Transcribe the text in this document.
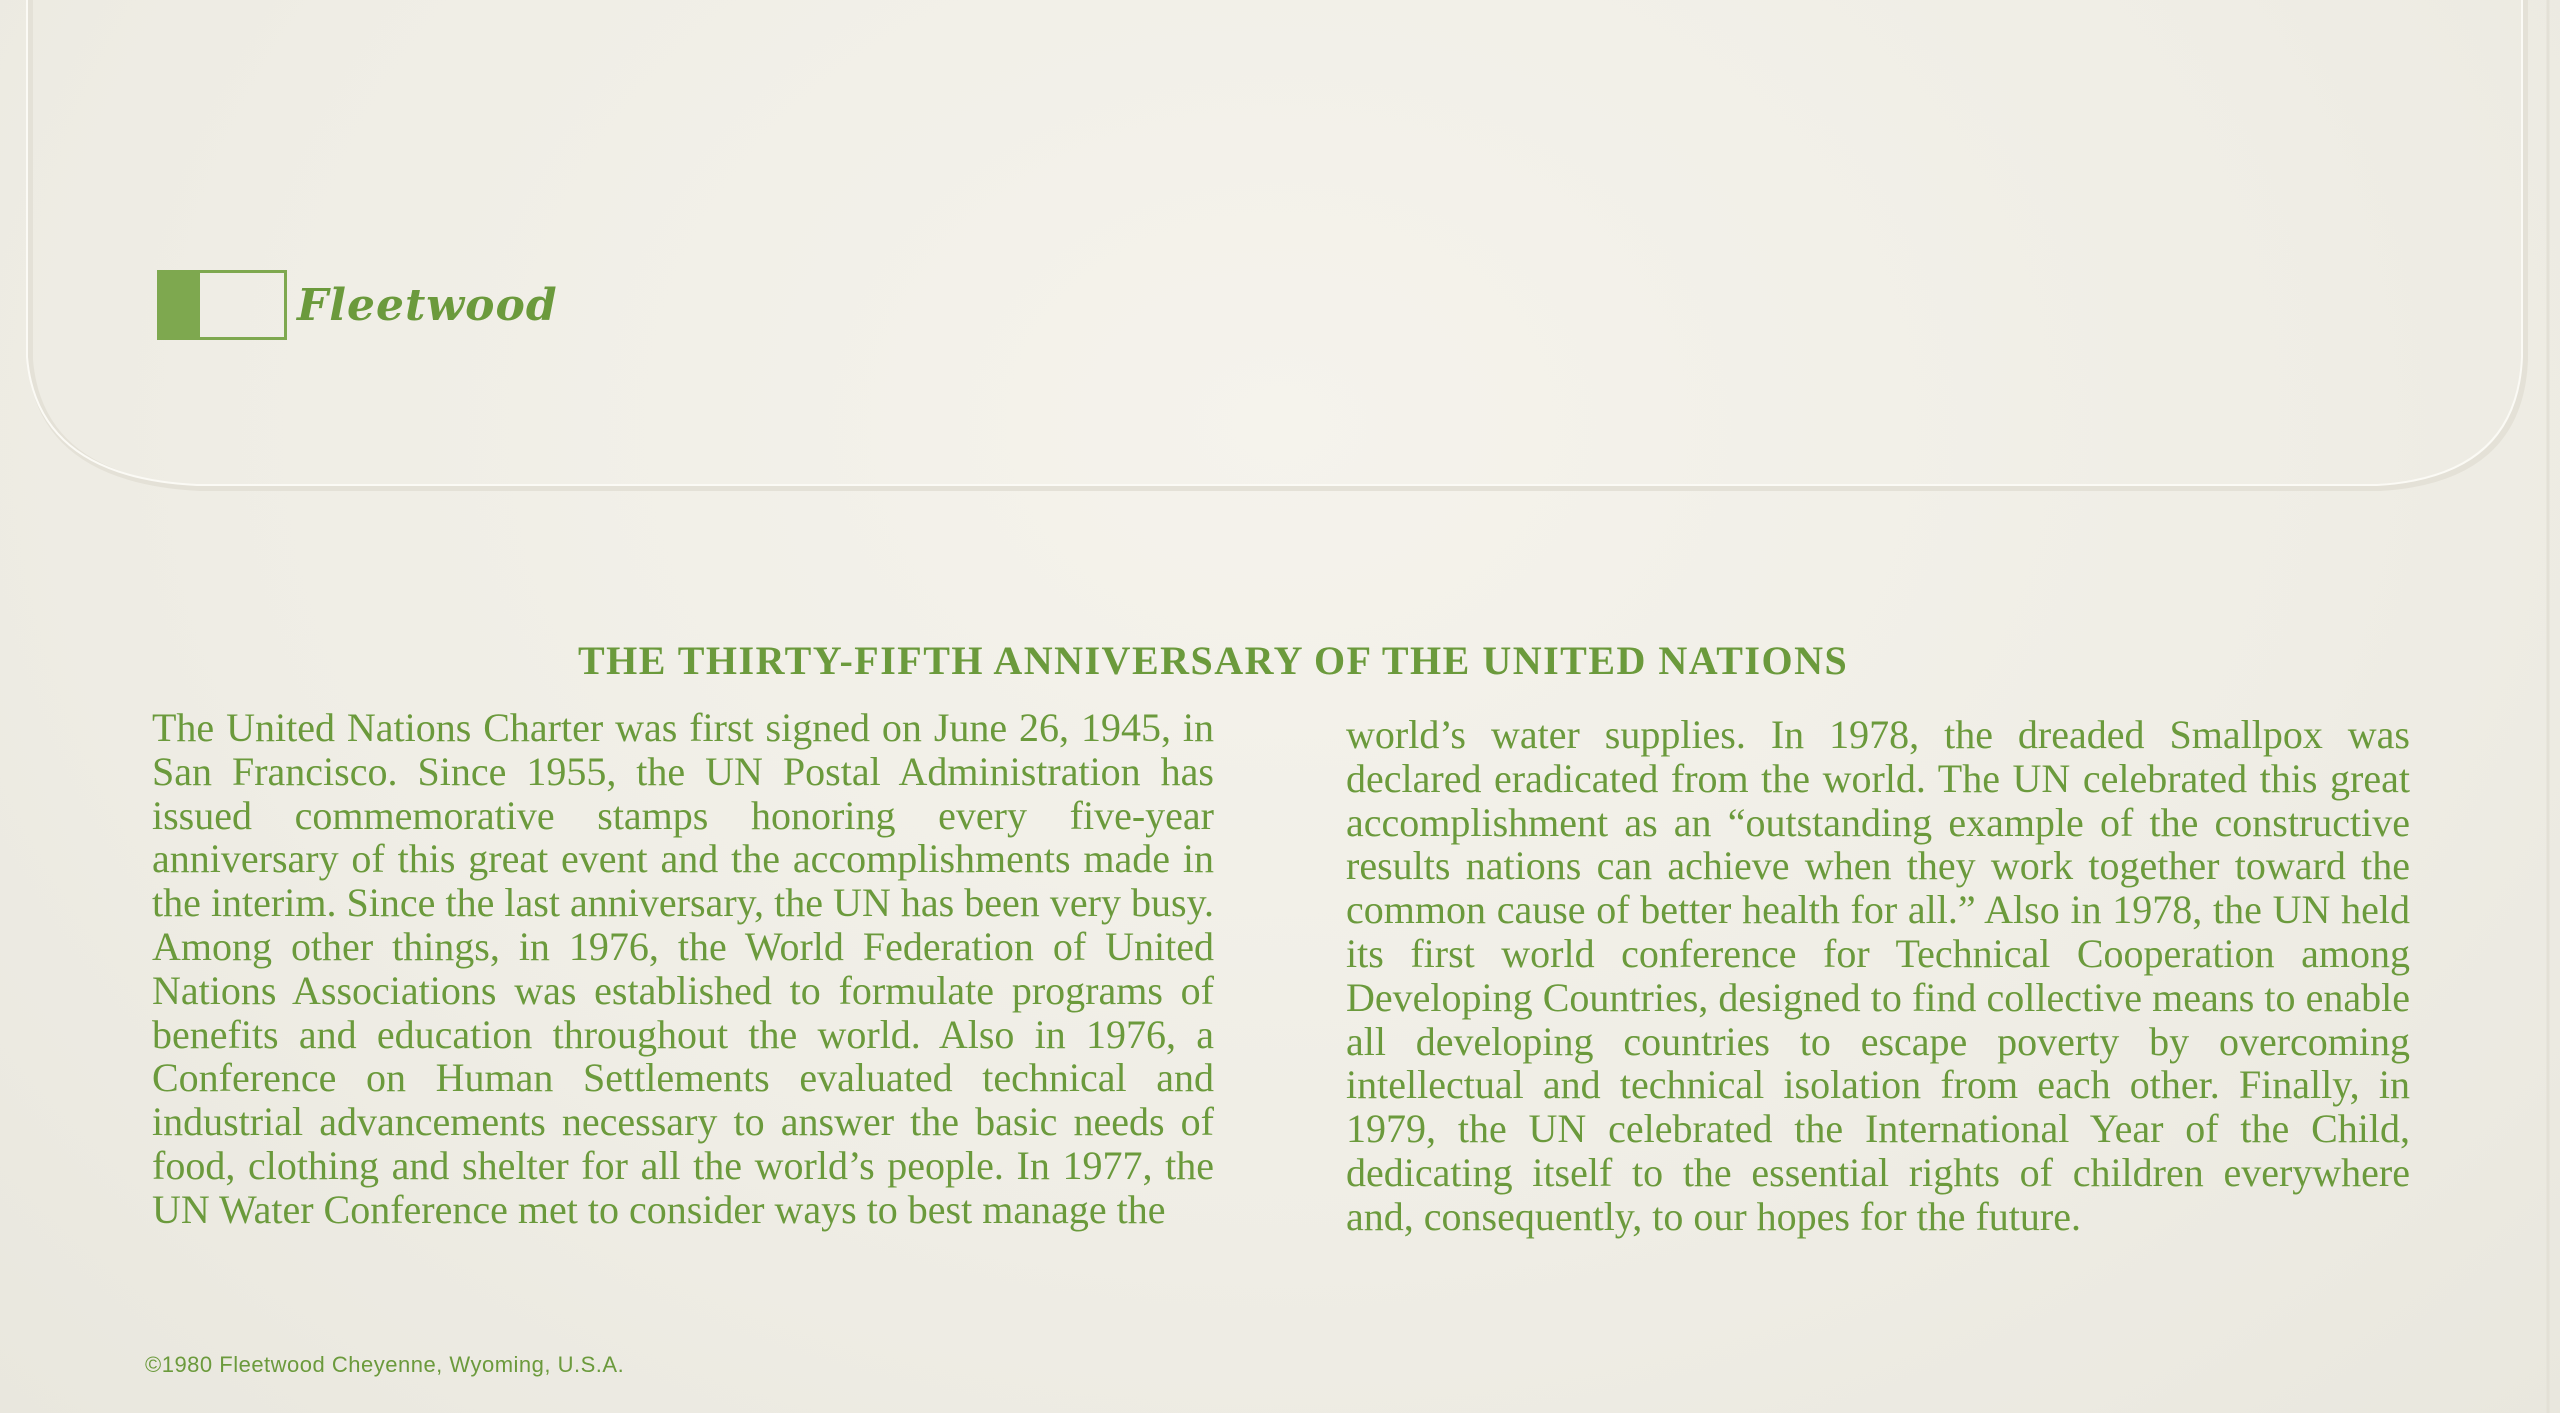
Fleetwood
THE THIRTY-FIFTH ANNIVERSARY OF THE UNITED NATIONS

The United Nations Charter was first signed on June 26, 1945, in San Francisco. Since 1955, the UN Postal Administration has issued commemorative stamps honoring every five-year anniversary of this great event and the accomplishments made in the interim. Since the last anniversary, the UN has been very busy. Among other things, in 1976, the World Federation of United Nations Associations was established to formulate programs of benefits and education throughout the world. Also in 1976, a Conference on Human Settlements evaluated technical and industrial advancements necessary to answer the basic needs of food, clothing and shelter for all the world’s people. In 1977, the UN Water Conference met to consider ways to best manage the

world’s water supplies. In 1978, the dreaded Smallpox was declared eradicated from the world. The UN celebrated this great accomplishment as an “outstanding example of the constructive results nations can achieve when they work together toward the common cause of better health for all.” Also in 1978, the UN held its first world conference for Technical Cooperation among Developing Countries, designed to find collective means to enable all developing countries to escape poverty by overcoming intellectual and technical isolation from each other. Finally, in 1979, the UN celebrated the International Year of the Child, dedicating itself to the essential rights of children everywhere and, consequently, to our hopes for the future.

©1980 Fleetwood Cheyenne, Wyoming, U.S.A.
